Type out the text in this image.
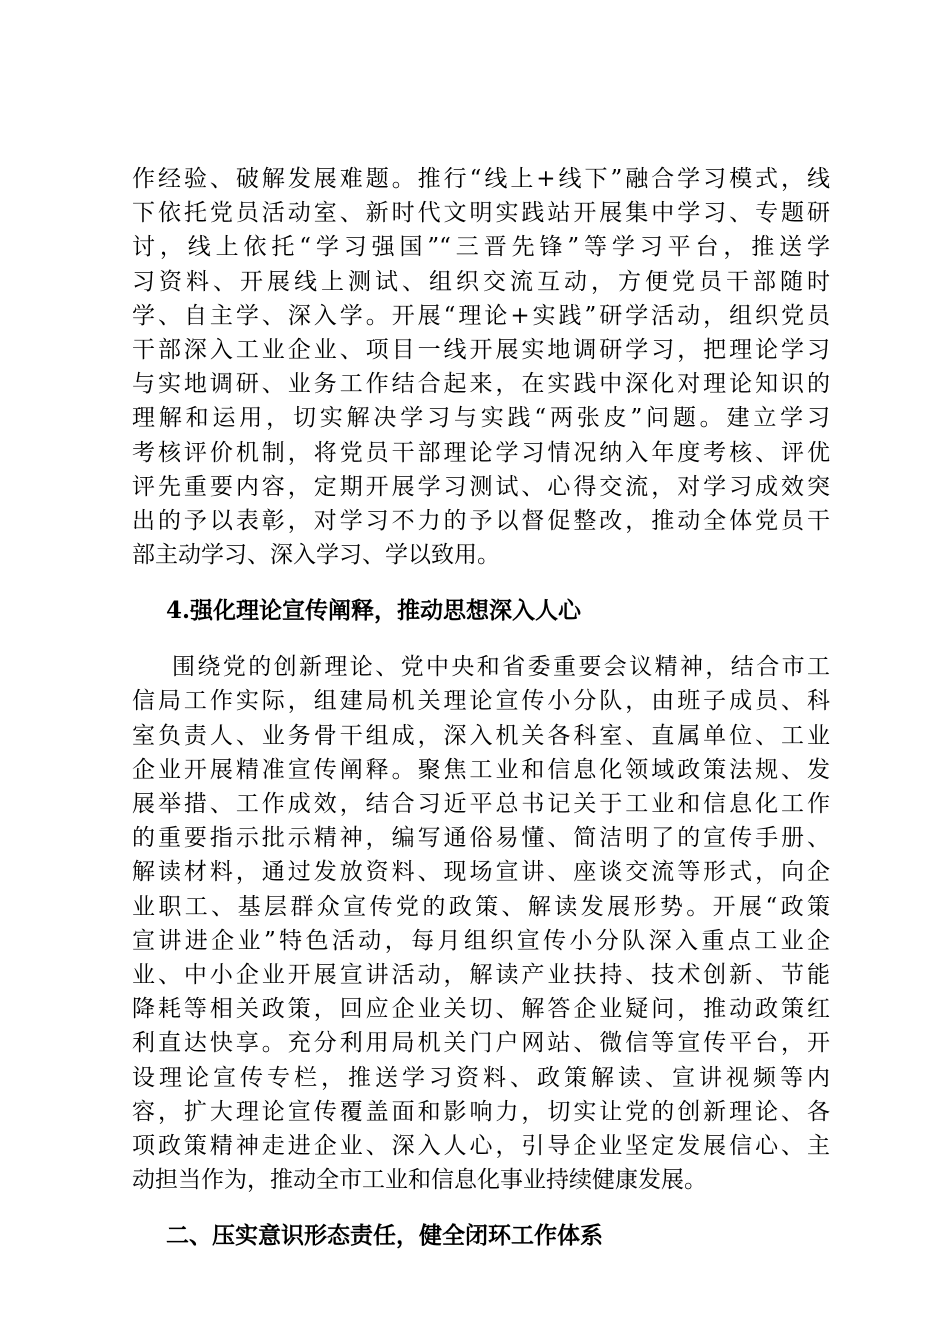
作经验、破解发展难题。推行“线上+线下”融合学习模式，线
下依托党员活动室、新时代文明实践站开展集中学习、专题研
讨，线上依托“学习强国”“三晋先锋”等学习平台，推送学
习资料、开展线上测试、组织交流互动，方便党员干部随时
学、自主学、深入学。开展“理论+实践”研学活动，组织党员
干部深入工业企业、项目一线开展实地调研学习，把理论学习
与实地调研、业务工作结合起来，在实践中深化对理论知识的
理解和运用，切实解决学习与实践“两张皮”问题。建立学习
考核评价机制，将党员干部理论学习情况纳入年度考核、评优
评先重要内容，定期开展学习测试、心得交流，对学习成效突
出的予以表彰，对学习不力的予以督促整改，推动全体党员干
部主动学习、深入学习、学以致用。
4.强化理论宣传阐释，推动思想深入人心
围绕党的创新理论、党中央和省委重要会议精神，结合市工
信局工作实际，组建局机关理论宣传小分队，由班子成员、科
室负责人、业务骨干组成，深入机关各科室、直属单位、工业
企业开展精准宣传阐释。聚焦工业和信息化领域政策法规、发
展举措、工作成效，结合习近平总书记关于工业和信息化工作
的重要指示批示精神，编写通俗易懂、简洁明了的宣传手册、
解读材料，通过发放资料、现场宣讲、座谈交流等形式，向企
业职工、基层群众宣传党的政策、解读发展形势。开展“政策
宣讲进企业”特色活动，每月组织宣传小分队深入重点工业企
业、中小企业开展宣讲活动，解读产业扶持、技术创新、节能
降耗等相关政策，回应企业关切、解答企业疑问，推动政策红
利直达快享。充分利用局机关门户网站、微信等宣传平台，开
设理论宣传专栏，推送学习资料、政策解读、宣讲视频等内
容，扩大理论宣传覆盖面和影响力，切实让党的创新理论、各
项政策精神走进企业、深入人心，引导企业坚定发展信心、主
动担当作为，推动全市工业和信息化事业持续健康发展。
二、压实意识形态责任，健全闭环工作体系
